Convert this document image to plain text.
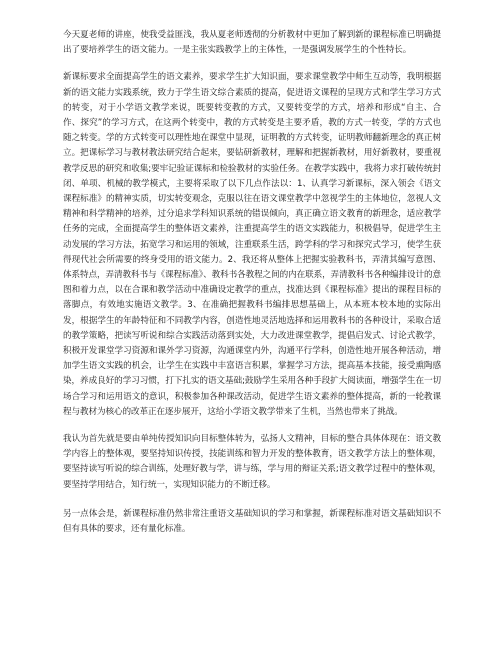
今天夏老师的讲座，使我受益匪浅，我从夏老师透彻的分析教材中更加了解到新的课程标准已明确提出了要培养学生的语文能力。一是主张实践教学上的主体性，一是强调发展学生的个性特长。

新课标要求全面提高学生的语文素养，要求学生扩大知识面，要求课堂教学中师生互动等，我明根据新的语文能力实践系统，致力于学生语文综合素质的提高，促进语文课程的呈现方式和学生学习方式的转变，对于小学语文教学来说，既要转变教的方式，又要转变学的方式，培养和形成“自主、合作、探究”的学习方式，在这两个转变中，教的方式转变是主要矛盾，教的方式一转变，学的方式也随之转变。学的方式转变可以理性地在课堂中显现，证明教的方式转变，证明教师翻新理念的真正树立。把课标学习与教材教法研究结合起来，要钻研新教材，理解和把握新教材，用好新教材，要重视教学反思的研究和收集;要牢记验证课标和检验教材的实验任务。在教学实践中，我将力求打破传统封闭、单项、机械的教学模式，主要将采取了以下几点作法以：1、认真学习新课标，深入领会《语文课程标准》的精神实质，切实转变观念，克服以往在语文课堂教学中忽视学生的主体地位，忽视人文精神和科学精神的培养，过分追求学科知识系统的错误倾向，真正确立语文教育的新理念，适应教学任务的完成，全面提高学生的整体语文素养，注重提高学生的语文实践能力，积极倡导，促进学生主动发展的学习方法，拓宽学习和运用的领域，注重联系生活，跨学科的学习和探究式学习，使学生获得现代社会所需要的终身受用的语文能力。2、我还将从整体上把握实验教科书，弄清其编写意图、体系特点，弄清教科书与《课程标准》、教科书各教程之间的内在联系，弄清教科书各种编排设计的意图和着力点，以在合课和教学活动中准确设定教学的重点，找准达到《课程标准》提出的课程目标的落脚点，有效地实施语文教学。3、在准确把握教科书编排思想基础上，从本班本校本地的实际出发，根据学生的年龄特征和不同教学内容，创造性地灵活地选择和运用教科书的各种设计，采取合适的教学策略，把读写听说和综合实践活动落到实处，大力改进课堂教学，提倡启发式、讨论式教学，积极开发课堂学习资源和课外学习资源，沟通课堂内外，沟通平行学科，创造性地开展各种活动，增加学生语文实践的机会，让学生在实践中丰富语言积累，掌握学习方法，提高基本技能，接受熏陶感染，养成良好的学习习惯，打下扎实的语文基础;鼓励学生采用各种手段扩大阅读面，增强学生在一切场合学习和运用语文的意识，积极参加各种课改活动，促进学生语文素养的整体提高，新的一轮教课程与教材为核心的改革正在逐步展开，这给小学语文教学带来了生机，当然也带来了挑战。

我认为首先就是要由单纯传授知识向目标整体转为，弘扬人文精神，目标的整合具体体现在：语文教学内容上的整体观，要坚持知识传授，技能训练和智力开发的整体教育，语文教学方法上的整体观，要坚持读写听说的综合训练，处理好教与学，讲与练，学与用的辩证关系;语文教学过程中的整体观，要坚持学用结合，知行统一，实现知识能力的不断迁移。

另一点体会是，新课程标准仍然非常注重语文基础知识的学习和掌握，新课程标准对语文基础知识不但有具体的要求，还有量化标准。
